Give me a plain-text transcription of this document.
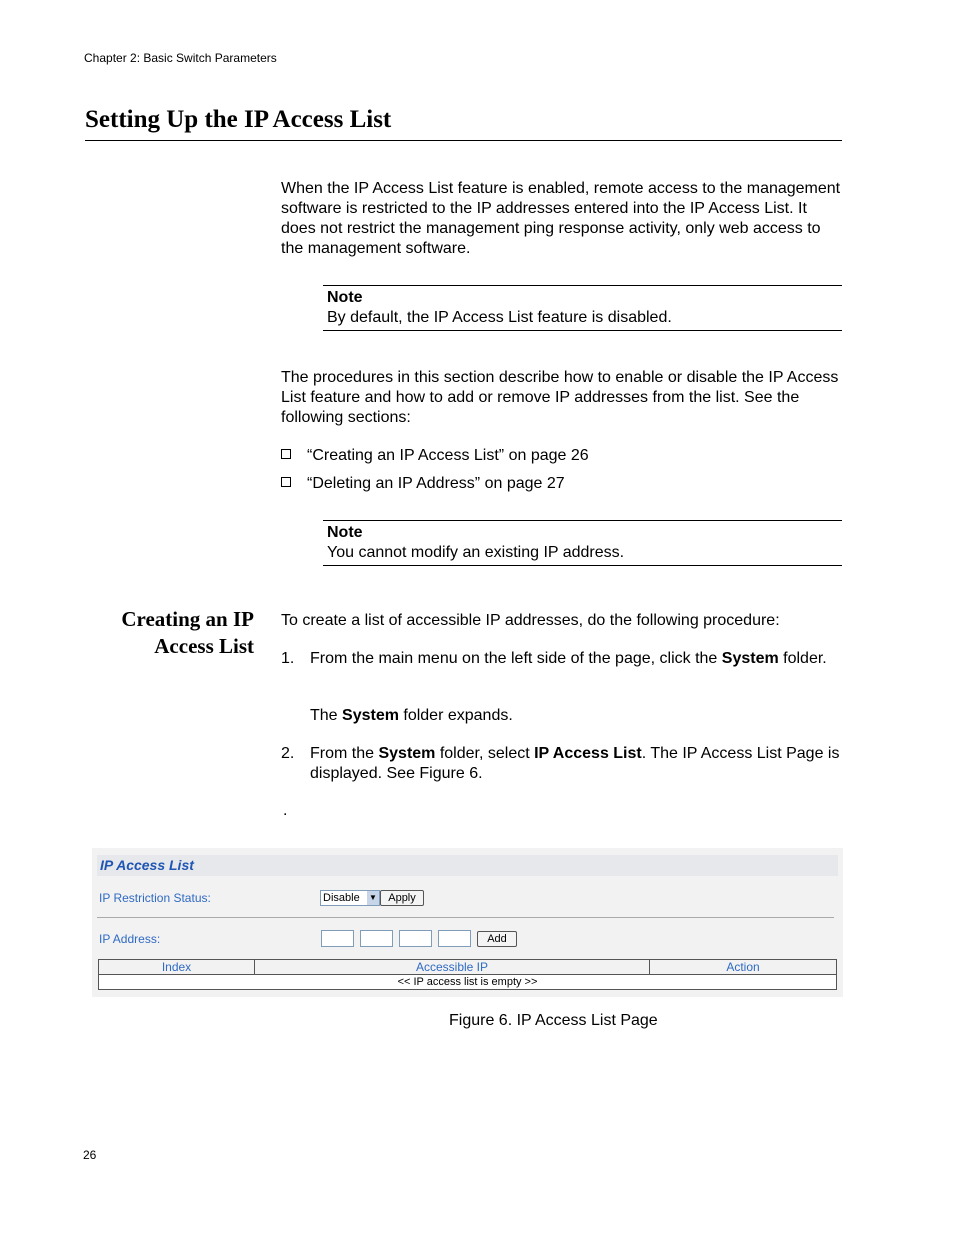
Chapter 2: Basic Switch Parameters
Setting Up the IP Access List
When the IP Access List feature is enabled, remote access to the management software is restricted to the IP addresses entered into the IP Access List. It does not restrict the management ping response activity, only web access to the management software.
Note
By default, the IP Access List feature is disabled.
The procedures in this section describe how to enable or disable the IP Access List feature and how to add or remove IP addresses from the list. See the following sections:
“Creating an IP Access List” on page 26
“Deleting an IP Address” on page 27
Note
You cannot modify an existing IP address.
Creating an IP
Access List
To create a list of accessible IP addresses, do the following procedure:
1. From the main menu on the left side of the page, click the System folder.
The System folder expands.
2. From the System folder, select IP Access List. The IP Access List Page is displayed. See Figure 6.
.
IP Access List
IP Restriction Status:	Disable ▼	Apply
IP Address:	Add
Index	Accessible IP	Action
<< IP access list is empty >>
Figure 6. IP Access List Page
26
